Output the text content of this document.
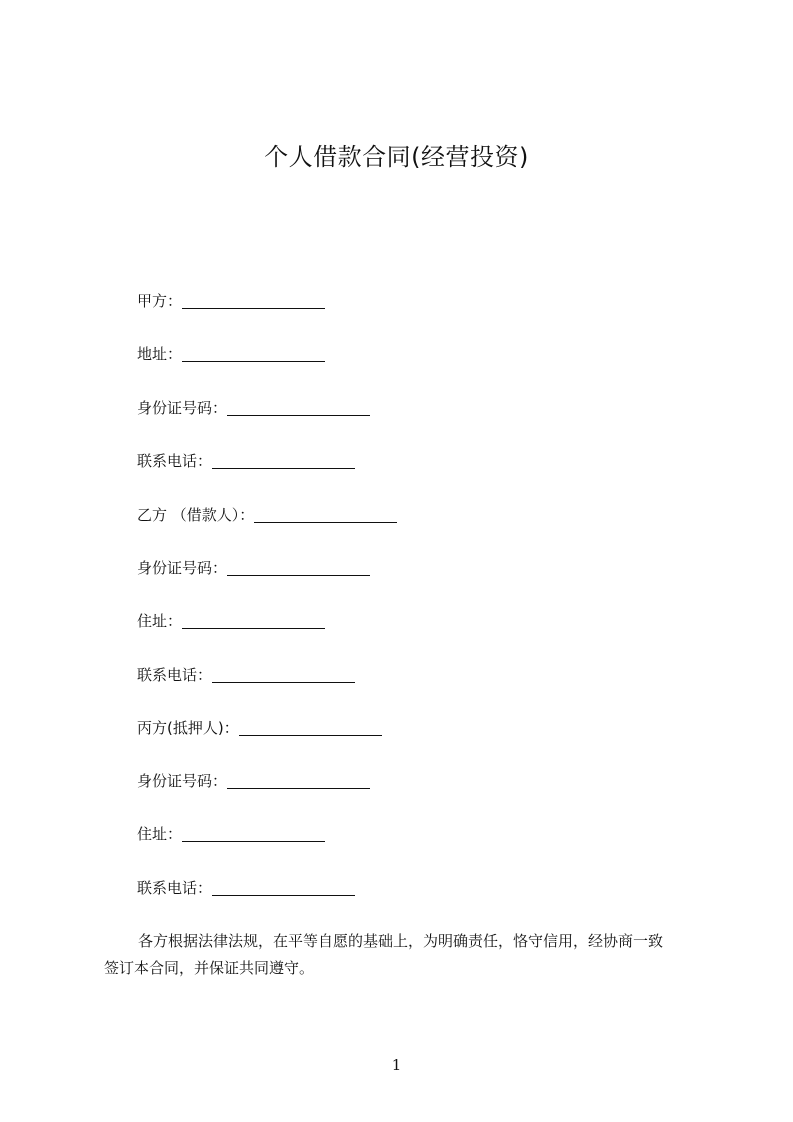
个人借款合同(经营投资)
甲方：
地址：
身份证号码：
联系电话：
乙方 （借款人）：
身份证号码：
住址：
联系电话：
丙方(抵押人)：
身份证号码：
住址：
联系电话：
各方根据法律法规，在平等自愿的基础上，为明确责任，恪守信用，经协商一致
签订本合同，并保证共同遵守。
1
